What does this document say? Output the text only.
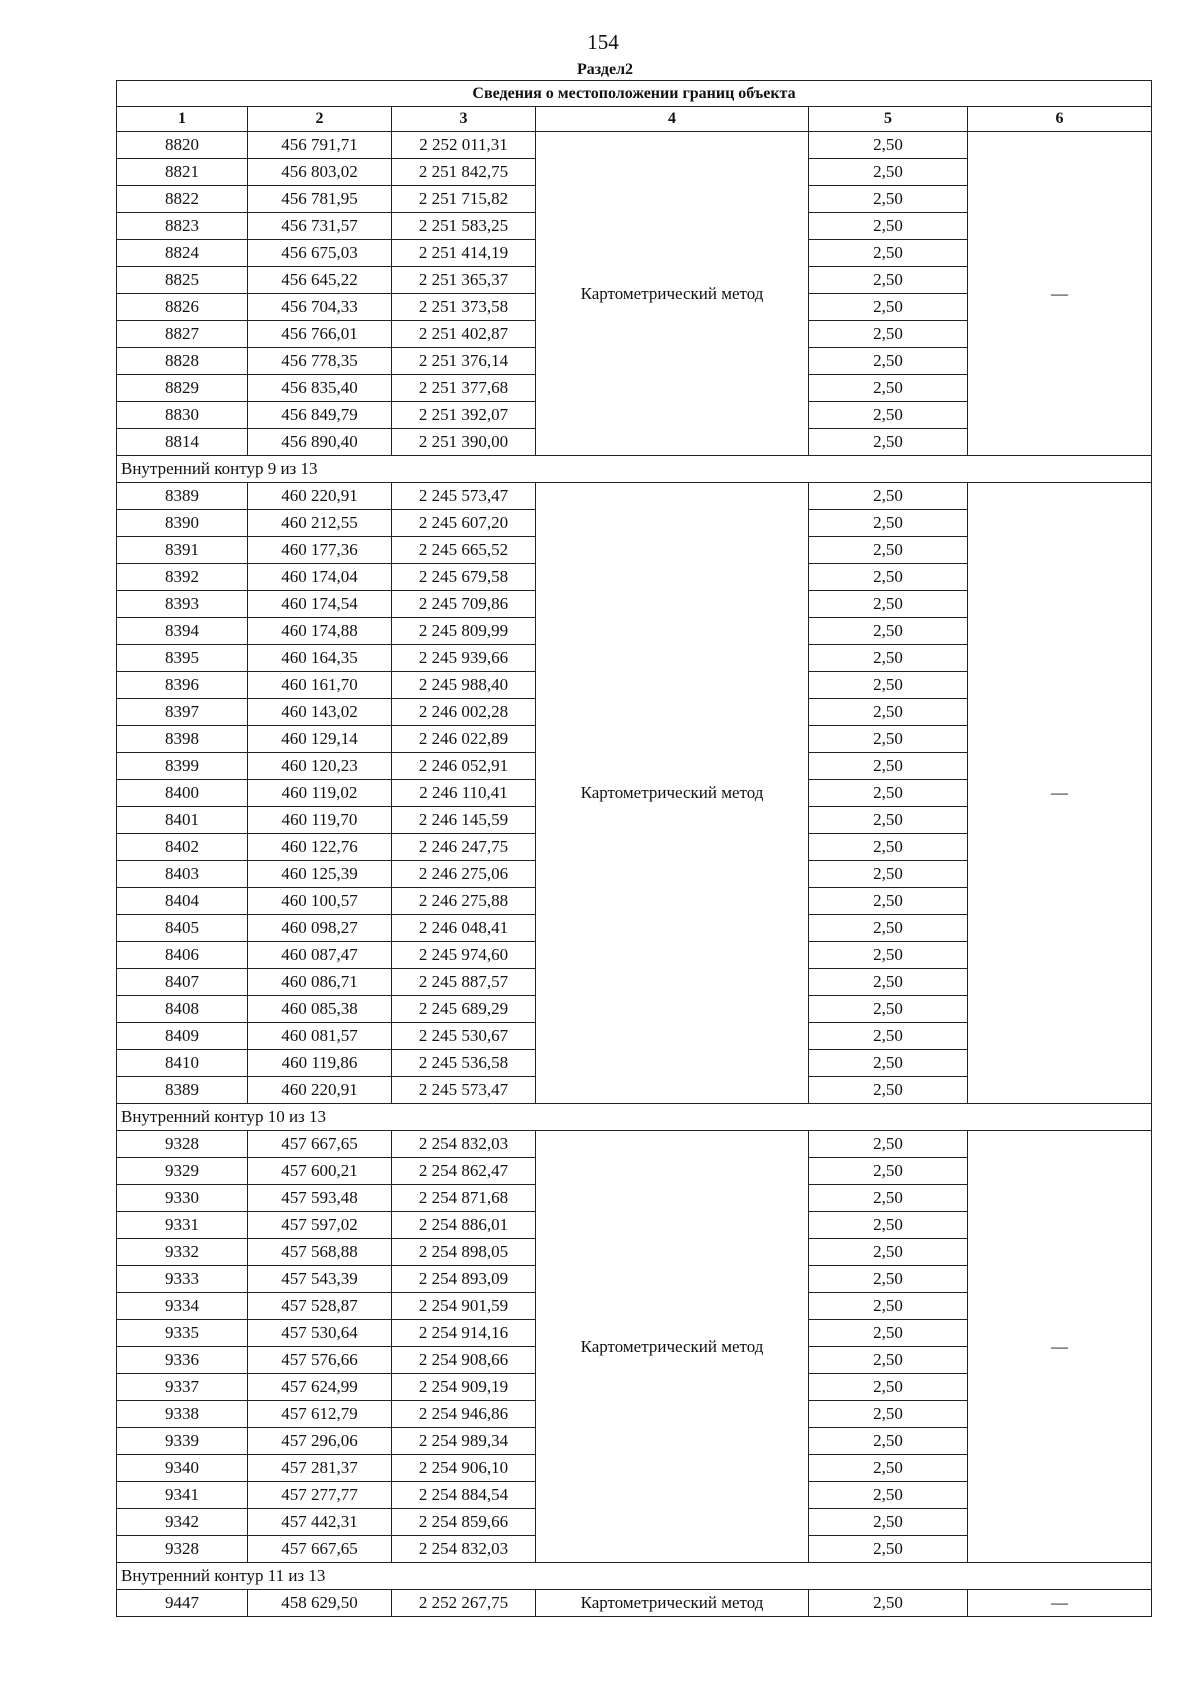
154
Раздел2
Сведения о местоположении границ объекта					
1	2	3	4	5	6
8820	456 791,71	2 252 011,31	Картометрический метод	2,50	—
8821	456 803,02	2 251 842,75		2,50	
8822	456 781,95	2 251 715,82		2,50	
8823	456 731,57	2 251 583,25		2,50	
8824	456 675,03	2 251 414,19		2,50	
8825	456 645,22	2 251 365,37		2,50	
8826	456 704,33	2 251 373,58		2,50	
8827	456 766,01	2 251 402,87		2,50	
8828	456 778,35	2 251 376,14		2,50	
8829	456 835,40	2 251 377,68		2,50	
8830	456 849,79	2 251 392,07		2,50	
8814	456 890,40	2 251 390,00		2,50	
Внутренний контур 9 из 13					
8389	460 220,91	2 245 573,47	Картометрический метод	2,50	—
8390	460 212,55	2 245 607,20		2,50	
8391	460 177,36	2 245 665,52		2,50	
8392	460 174,04	2 245 679,58		2,50	
8393	460 174,54	2 245 709,86		2,50	
8394	460 174,88	2 245 809,99		2,50	
8395	460 164,35	2 245 939,66		2,50	
8396	460 161,70	2 245 988,40		2,50	
8397	460 143,02	2 246 002,28		2,50	
8398	460 129,14	2 246 022,89		2,50	
8399	460 120,23	2 246 052,91		2,50	
8400	460 119,02	2 246 110,41		2,50	
8401	460 119,70	2 246 145,59		2,50	
8402	460 122,76	2 246 247,75		2,50	
8403	460 125,39	2 246 275,06		2,50	
8404	460 100,57	2 246 275,88		2,50	
8405	460 098,27	2 246 048,41		2,50	
8406	460 087,47	2 245 974,60		2,50	
8407	460 086,71	2 245 887,57		2,50	
8408	460 085,38	2 245 689,29		2,50	
8409	460 081,57	2 245 530,67		2,50	
8410	460 119,86	2 245 536,58		2,50	
8389	460 220,91	2 245 573,47		2,50	
Внутренний контур 10 из 13					
9328	457 667,65	2 254 832,03	Картометрический метод	2,50	—
9329	457 600,21	2 254 862,47		2,50	
9330	457 593,48	2 254 871,68		2,50	
9331	457 597,02	2 254 886,01		2,50	
9332	457 568,88	2 254 898,05		2,50	
9333	457 543,39	2 254 893,09		2,50	
9334	457 528,87	2 254 901,59		2,50	
9335	457 530,64	2 254 914,16		2,50	
9336	457 576,66	2 254 908,66		2,50	
9337	457 624,99	2 254 909,19		2,50	
9338	457 612,79	2 254 946,86		2,50	
9339	457 296,06	2 254 989,34		2,50	
9340	457 281,37	2 254 906,10		2,50	
9341	457 277,77	2 254 884,54		2,50	
9342	457 442,31	2 254 859,66		2,50	
9328	457 667,65	2 254 832,03		2,50	
Внутренний контур 11 из 13					
9447	458 629,50	2 252 267,75	Картометрический метод	2,50	—
